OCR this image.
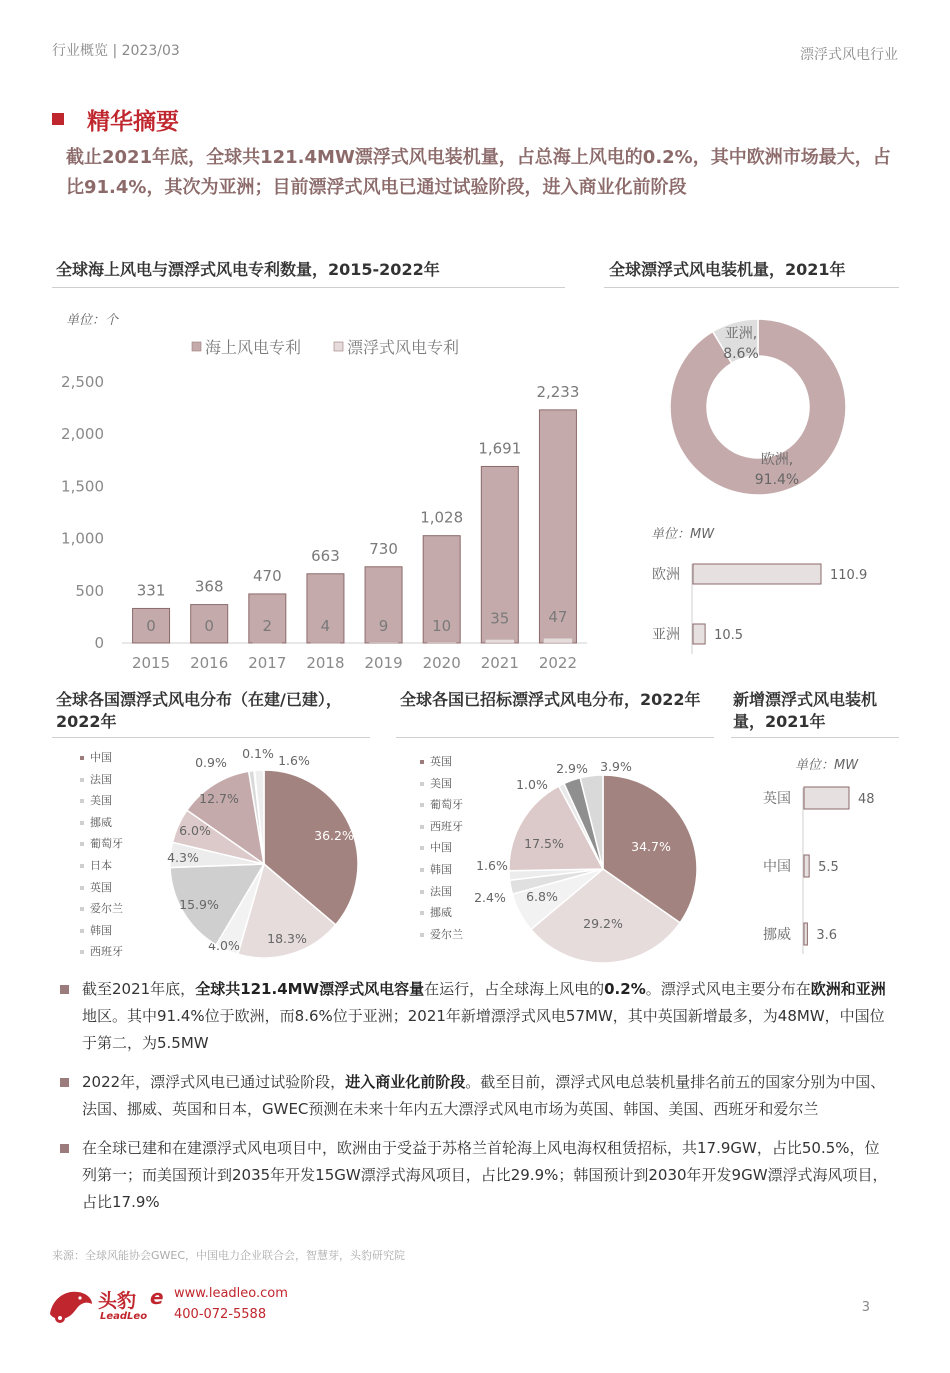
行业概览 | 2023/03	漂浮式风电行业
精华摘要
截止2021年底，全球共121.4MW漂浮式风电装机量，占总海上风电的0.2%，其中欧洲市场最大，占比91.4%，其次为亚洲；目前漂浮式风电已通过试验阶段，进入商业化前阶段
全球海上风电与漂浮式风电专利数量，2015-2022年
单位：个
0
500
1,000
1,500
2,000
2,500
海上风电专利	漂浮式风电专利
331
0
2015
368
0
2016
470
2
2017
663
4
2018
730
9
2019
1,028
10
2020
1,691
35
2021
2,233
47
2022
全球漂浮式风电装机量，2021年
欧洲,
91.4%
亚洲,
8.6%
单位：MW
欧洲	110.9
亚洲	10.5
全球各国漂浮式风电分布（在建/已建），2022年
中国
法国
美国
挪威
葡萄牙
日本
英国
爱尔兰
韩国
西班牙
36.2%
18.3%
4.0%
15.9%
4.3%
6.0%
12.7%
0.9%
0.1% 1.6%
全球各国已招标漂浮式风电分布，2022年
英国
美国
葡萄牙
西班牙
中国
韩国
法国
挪威
爱尔兰
34.7%
29.2%
6.8%
2.4%
1.6%
17.5%
1.0%
2.9% 3.9%
新增漂浮式风电装机量，2021年
单位：MW
英国	48
中国 5.5
挪威 3.6
截至2021年底，全球共121.4MW漂浮式风电容量在运行，占全球海上风电的0.2%。漂浮式风电主要分布在欧洲和亚洲地区。其中91.4%位于欧洲，而8.6%位于亚洲；2021年新增漂浮式风电57MW，其中英国新增最多，为48MW，中国位于第二，为5.5MW
2022年，漂浮式风电已通过试验阶段，进入商业化前阶段。截至目前，漂浮式风电总装机量排名前五的国家分别为中国、法国、挪威、英国和日本，GWEC预测在未来十年内五大漂浮式风电市场为英国、韩国、美国、西班牙和爱尔兰
在全球已建和在建漂浮式风电项目中，欧洲由于受益于苏格兰首轮海上风电海权租赁招标，共17.9GW，占比50.5%，位列第一；而美国预计到2035年开发15GW漂浮式海风项目，占比29.9%；韩国预计到2030年开发9GW漂浮式海风项目，占比17.9%
来源：全球风能协会GWEC，中国电力企业联合会，智慧芽，头豹研究院
头豹 e
LeadLeo
www.leadleo.com
400-072-5588	3
